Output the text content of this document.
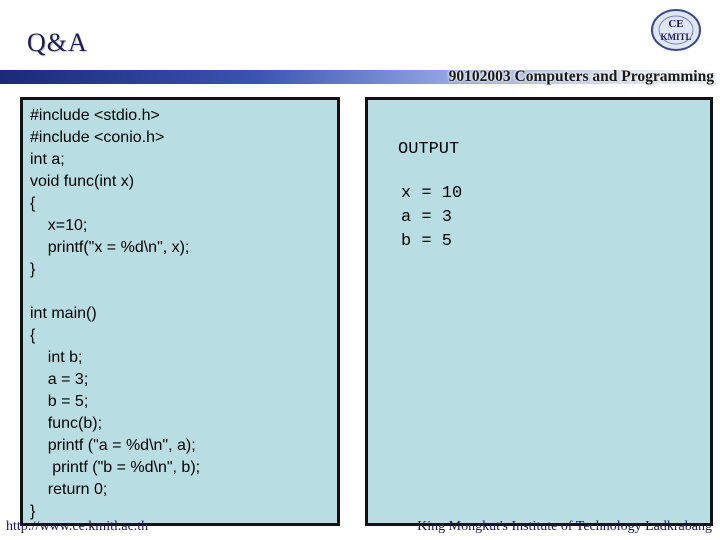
Q&A
CE
KMITL
90102003 Computers and Programming
#include <stdio.h>
#include <conio.h>
int a;
void func(int x)
{
x=10;
printf("x = %d\n", x);
}

int main()
{
int b;
a = 3;
b = 5;
func(b);
printf ("a = %d\n", a);
printf ("b = %d\n", b);
return 0;
}
OUTPUT
x = 10
a = 3
b = 5
http://www.ce.kmitl.ac.th	King Mongkut's Institute of Technology Ladkrabang
